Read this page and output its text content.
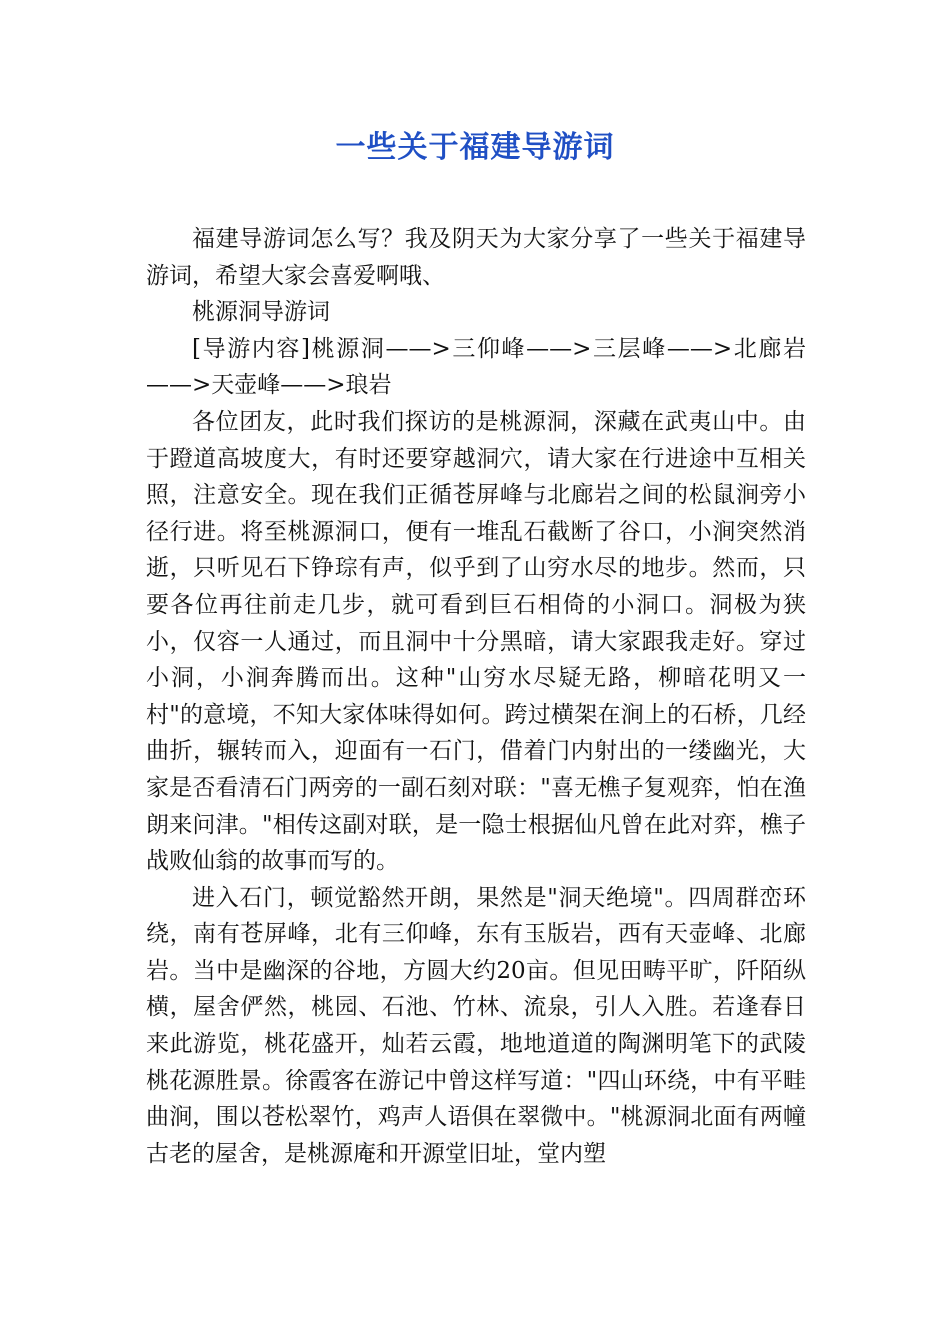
一些关于福建导游词

福建导游词怎么写？我及阴天为大家分享了一些关于福建导游词，希望大家会喜爱啊哦、

桃源洞导游词

[导游内容]桃源洞——>三仰峰——>三层峰——>北廊岩——>天壶峰——>琅岩

各位团友，此时我们探访的是桃源洞，深藏在武夷山中。由于蹬道高坡度大，有时还要穿越洞穴，请大家在行进途中互相关照，注意安全。现在我们正循苍屏峰与北廊岩之间的松鼠涧旁小径行进。将至桃源洞口，便有一堆乱石截断了谷口，小涧突然消逝，只听见石下铮琮有声，似乎到了山穷水尽的地步。然而，只要各位再往前走几步，就可看到巨石相倚的小洞口。洞极为狭小，仅容一人通过，而且洞中十分黑暗，请大家跟我走好。穿过小洞，小涧奔腾而出。这种"山穷水尽疑无路，柳暗花明又一村"的意境，不知大家体味得如何。跨过横架在涧上的石桥，几经曲折，辗转而入，迎面有一石门，借着门内射出的一缕幽光，大家是否看清石门两旁的一副石刻对联："喜无樵子复观弈，怕在渔朗来问津。"相传这副对联，是一隐士根据仙凡曾在此对弈，樵子战败仙翁的故事而写的。

进入石门，顿觉豁然开朗，果然是"洞天绝境"。四周群峦环绕，南有苍屏峰，北有三仰峰，东有玉版岩，西有天壶峰、北廊岩。当中是幽深的谷地，方圆大约20亩。但见田畴平旷，阡陌纵横，屋舍俨然，桃园、石池、竹林、流泉，引人入胜。若逢春日来此游览，桃花盛开，灿若云霞，地地道道的陶渊明笔下的武陵桃花源胜景。徐霞客在游记中曾这样写道："四山环绕，中有平畦曲涧，围以苍松翠竹，鸡声人语俱在翠微中。"桃源洞北面有两幢古老的屋舍，是桃源庵和开源堂旧址，堂内塑
